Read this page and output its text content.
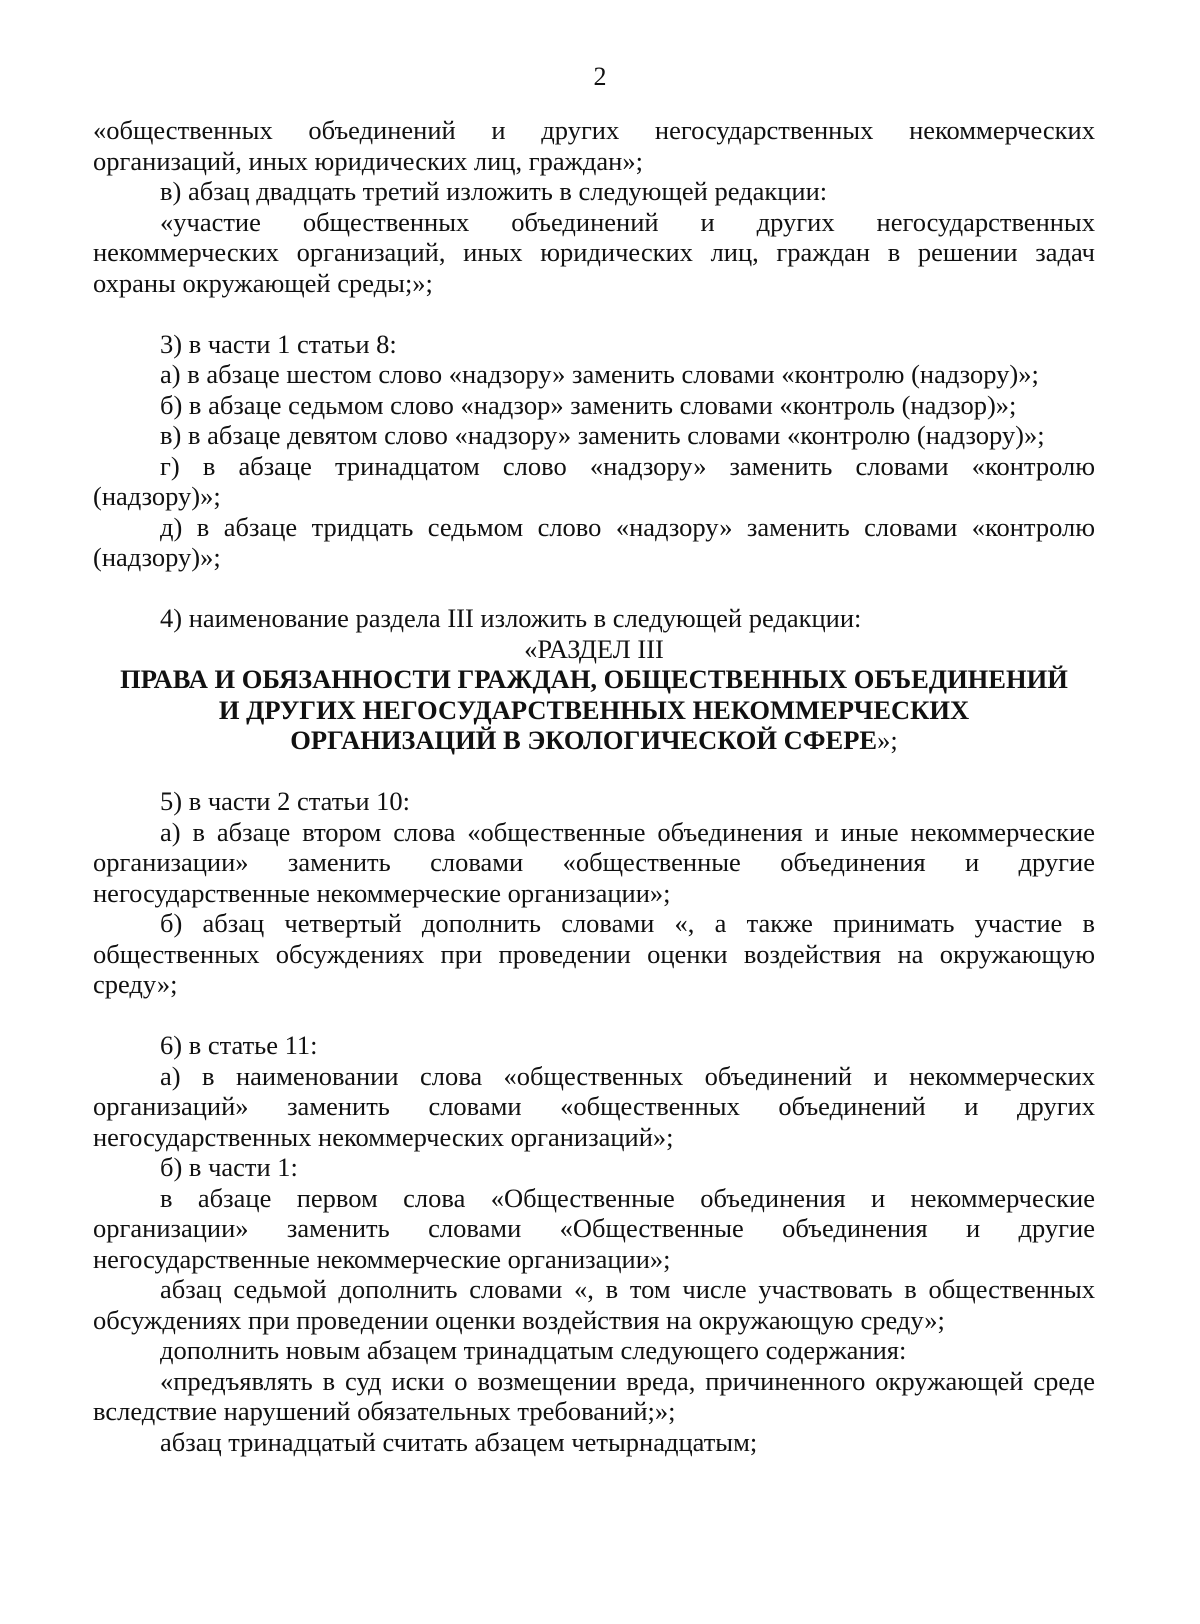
2

«общественных объединений и других негосударственных некоммерческих организаций, иных юридических лиц, граждан»;

в) абзац двадцать третий изложить в следующей редакции:

«участие общественных объединений и других негосударственных некоммерческих организаций, иных юридических лиц, граждан в решении задач охраны окружающей среды;»;

3) в части 1 статьи 8:

а) в абзаце шестом слово «надзору» заменить словами «контролю (надзору)»;

б) в абзаце седьмом слово «надзор» заменить словами «контроль (надзор)»;

в) в абзаце девятом слово «надзору» заменить словами «контролю (надзору)»;

г) в абзаце тринадцатом слово «надзору» заменить словами «контролю (надзору)»;

д) в абзаце тридцать седьмом слово «надзору» заменить словами «контролю (надзору)»;

4) наименование раздела III изложить в следующей редакции:

«РАЗДЕЛ III

ПРАВА И ОБЯЗАННОСТИ ГРАЖДАН, ОБЩЕСТВЕННЫХ ОБЪЕДИНЕНИЙ
И ДРУГИХ НЕГОСУДАРСТВЕННЫХ НЕКОММЕРЧЕСКИХ
ОРГАНИЗАЦИЙ В ЭКОЛОГИЧЕСКОЙ СФЕРЕ»;

5) в части 2 статьи 10:

а) в абзаце втором слова «общественные объединения и иные некоммерческие организации» заменить словами «общественные объединения и другие негосударственные некоммерческие организации»;

б) абзац четвертый дополнить словами «, а также принимать участие в общественных обсуждениях при проведении оценки воздействия на окружающую среду»;

6) в статье 11:

а) в наименовании слова «общественных объединений и некоммерческих организаций» заменить словами «общественных объединений и других негосударственных некоммерческих организаций»;

б) в части 1:

в абзаце первом слова «Общественные объединения и некоммерческие организации» заменить словами «Общественные объединения и другие негосударственные некоммерческие организации»;

абзац седьмой дополнить словами «, в том числе участвовать в общественных обсуждениях при проведении оценки воздействия на окружающую среду»;

дополнить новым абзацем тринадцатым следующего содержания:

«предъявлять в суд иски о возмещении вреда, причиненного окружающей среде вследствие нарушений обязательных требований;»;

абзац тринадцатый считать абзацем четырнадцатым;
